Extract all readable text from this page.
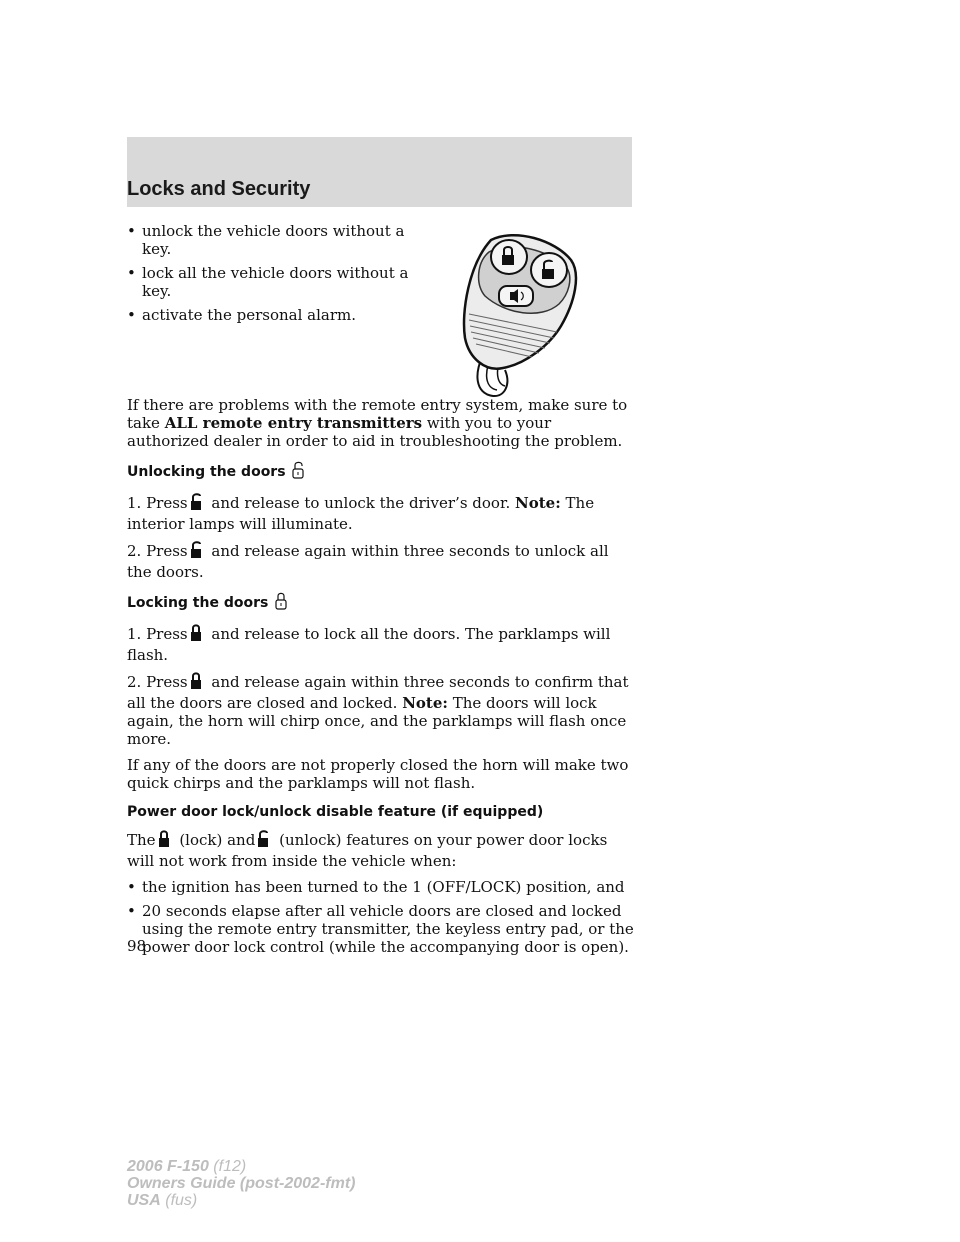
Locks and Security
• unlock the vehicle doors without a key.
• lock all the vehicle doors without a key.
• activate the personal alarm.

If there are problems with the remote entry system, make sure to take ALL remote entry transmitters with you to your authorized dealer in order to aid in troubleshooting the problem.

Unlocking the doors

1. Press and release to unlock the driver’s door. Note: The interior lamps will illuminate.

2. Press and release again within three seconds to unlock all the doors.

Locking the doors

1. Press and release to lock all the doors. The parklamps will flash.

2. Press and release again within three seconds to confirm that all the doors are closed and locked. Note: The doors will lock again, the horn will chirp once, and the parklamps will flash once more.

If any of the doors are not properly closed the horn will make two quick chirps and the parklamps will not flash.

Power door lock/unlock disable feature (if equipped)

The (lock) and (unlock) features on your power door locks will not work from inside the vehicle when:

• the ignition has been turned to the 1 (OFF/LOCK) position, and
• 20 seconds elapse after all vehicle doors are closed and locked using the remote entry transmitter, the keyless entry pad, or the power door lock control (while the accompanying door is open).
98
2006 F-150 (f12)
Owners Guide (post-2002-fmt)
USA (fus)
